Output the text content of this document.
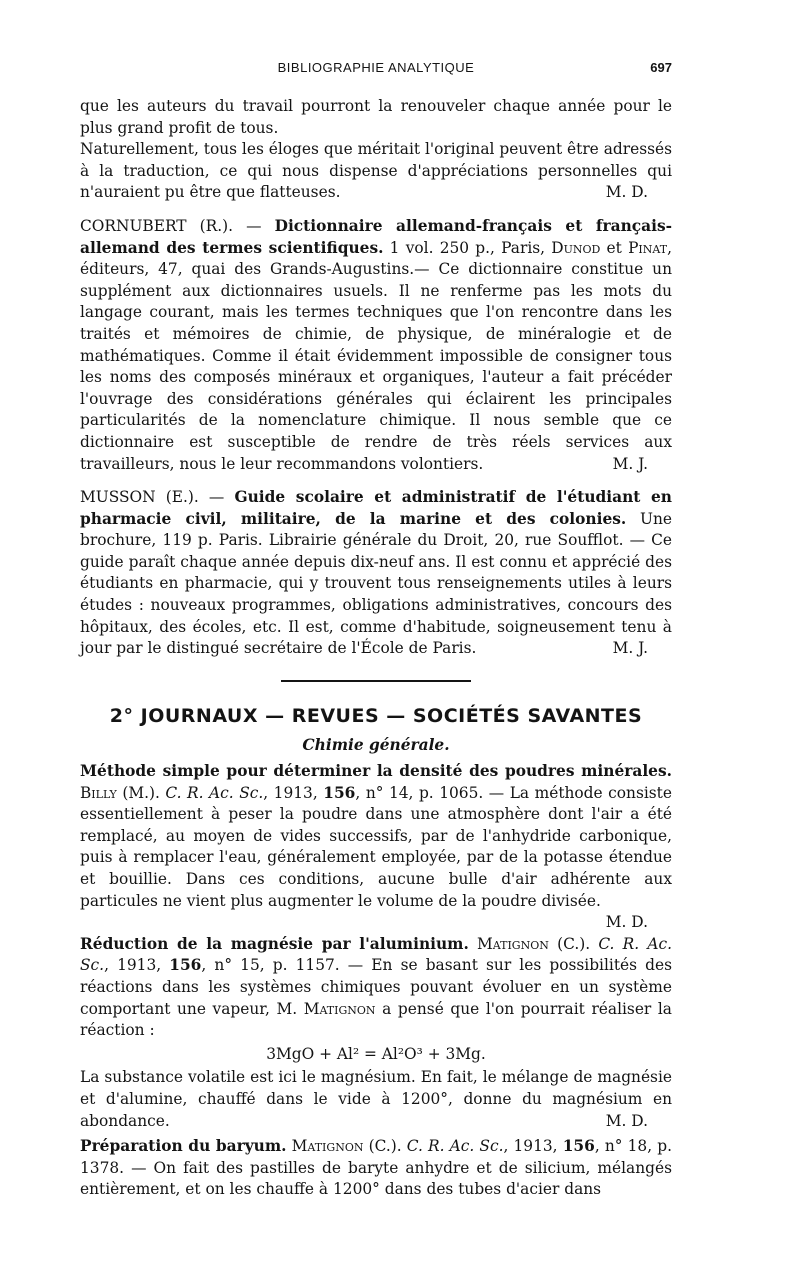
BIBLIOGRAPHIE ANALYTIQUE	697

que les auteurs du travail pourront la renouveler chaque année pour le plus grand profit de tous.

Naturellement, tous les éloges que méritait l'original peuvent être adressés à la traduction, ce qui nous dispense d'appréciations personnelles qui n'auraient pu être que flatteuses.	M. D.

CORNUBERT (R.). — Dictionnaire allemand-français et français-allemand des termes scientifiques. 1 vol. 250 p., Paris, Dunod et Pinat, éditeurs, 47, quai des Grands-Augustins.— Ce dictionnaire constitue un supplément aux dictionnaires usuels. Il ne renferme pas les mots du langage courant, mais les termes techniques que l'on rencontre dans les traités et mémoires de chimie, de physique, de minéralogie et de mathématiques. Comme il était évidemment impossible de consigner tous les noms des composés minéraux et organiques, l'auteur a fait précéder l'ouvrage des considérations générales qui éclairent les principales particularités de la nomenclature chimique. Il nous semble que ce dictionnaire est susceptible de rendre de très réels services aux travailleurs, nous le leur recommandons volontiers.	M. J.

MUSSON (E.). — Guide scolaire et administratif de l'étudiant en pharmacie civil, militaire, de la marine et des colonies. Une brochure, 119 p. Paris. Librairie générale du Droit, 20, rue Soufflot. — Ce guide paraît chaque année depuis dix-neuf ans. Il est connu et apprécié des étudiants en pharmacie, qui y trouvent tous renseignements utiles à leurs études : nouveaux programmes, obligations administratives, concours des hôpitaux, des écoles, etc. Il est, comme d'habitude, soigneusement tenu à jour par le distingué secrétaire de l'École de Paris.	M. J.

2° JOURNAUX — REVUES — SOCIÉTÉS SAVANTES
Chimie générale.

Méthode simple pour déterminer la densité des poudres minérales. Billy (M.). C. R. Ac. Sc., 1913, 156, n° 14, p. 1065. — La méthode consiste essentiellement à peser la poudre dans une atmosphère dont l'air a été remplacé, au moyen de vides successifs, par de l'anhydride carbonique, puis à remplacer l'eau, généralement employée, par de la potasse étendue et bouillie. Dans ces conditions, aucune bulle d'air adhérente aux particules ne vient plus augmenter le volume de la poudre divisée.

M. D.

Réduction de la magnésie par l'aluminium. Matignon (C.). C. R. Ac. Sc., 1913, 156, n° 15, p. 1157. — En se basant sur les possibilités des réactions dans les systèmes chimiques pouvant évoluer en un système comportant une vapeur, M. Matignon a pensé que l'on pourrait réaliser la réaction :

3MgO + Al² = Al²O³ + 3Mg.

La substance volatile est ici le magnésium. En fait, le mélange de magnésie et d'alumine, chauffé dans le vide à 1200°, donne du magnésium en abondance.	M. D.

Préparation du baryum. Matignon (C.). C. R. Ac. Sc., 1913, 156, n° 18, p. 1378. — On fait des pastilles de baryte anhydre et de silicium, mélangés entièrement, et on les chauffe à 1200° dans des tubes d'acier dans
